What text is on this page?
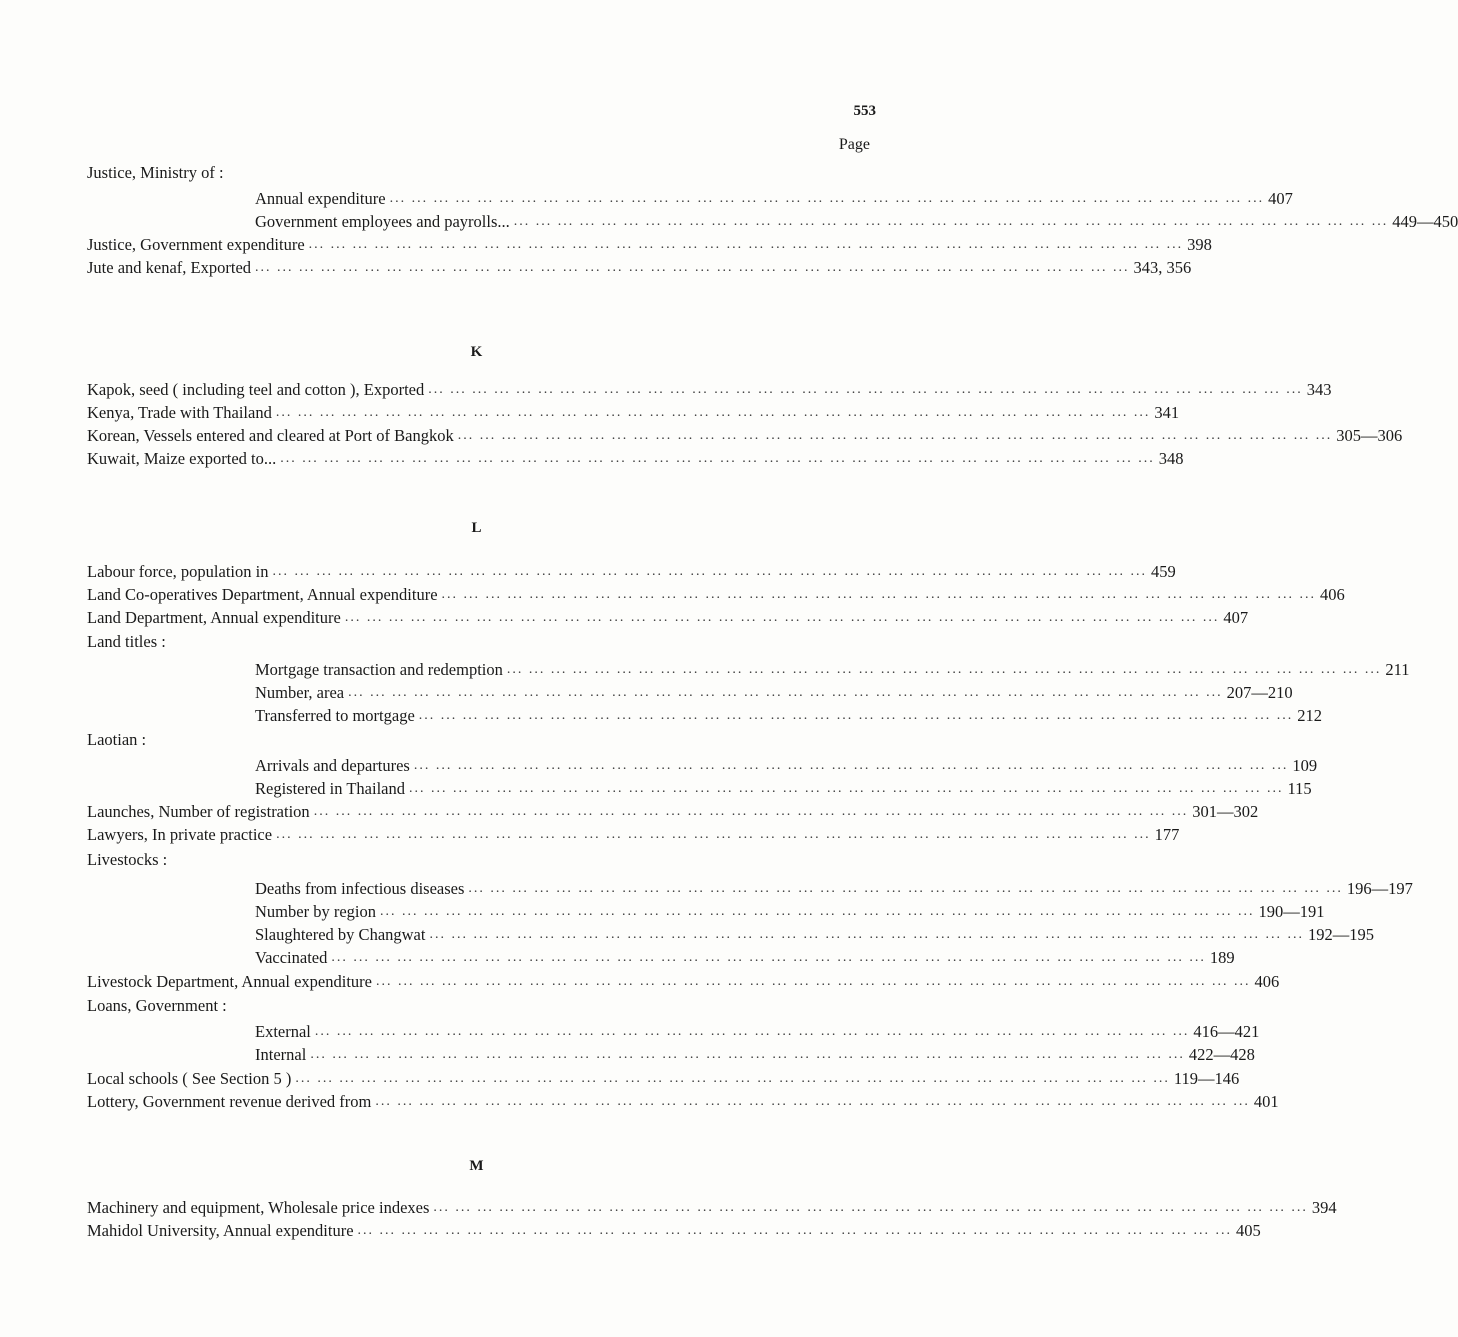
553
Page
Justice, Ministry of :
Annual expenditure ... ... ... ... ... ... ... ... ... ... ... ... ... ... ... ... ... ... ... ... ... ... ... ... ... ... ... ... ... ... ... ... ... ... ... ... ... ... ... ... 407
Government employees and payrolls... ... ... ... ... ... ... ... ... ... ... ... ... ... ... ... ... ... ... ... ... ... ... ... ... ... ... ... ... ... ... ... ... ... ... ... ... ... ... ... ... 449—450
Justice, Government expenditure ... ... ... ... ... ... ... ... ... ... ... ... ... ... ... ... ... ... ... ... ... ... ... ... ... ... ... ... ... ... ... ... ... ... ... ... ... ... ... ... 398
Jute and kenaf, Exported ... ... ... ... ... ... ... ... ... ... ... ... ... ... ... ... ... ... ... ... ... ... ... ... ... ... ... ... ... ... ... ... ... ... ... ... ... ... ... ... 343, 356
K
Kapok, seed ( including teel and cotton ), Exported ... ... ... ... ... ... ... ... ... ... ... ... ... ... ... ... ... ... ... ... ... ... ... ... ... ... ... ... ... ... ... ... ... ... ... ... ... ... ... ... 343
Kenya, Trade with Thailand ... ... ... ... ... ... ... ... ... ... ... ... ... ... ... ... ... ... ... ... ... ... ... ... ... ... ... ... ... ... ... ... ... ... ... ... ... ... ... ... 341
Korean, Vessels entered and cleared at Port of Bangkok ... ... ... ... ... ... ... ... ... ... ... ... ... ... ... ... ... ... ... ... ... ... ... ... ... ... ... ... ... ... ... ... ... ... ... ... ... ... ... ... 305—306
Kuwait, Maize exported to... ... ... ... ... ... ... ... ... ... ... ... ... ... ... ... ... ... ... ... ... ... ... ... ... ... ... ... ... ... ... ... ... ... ... ... ... ... ... ... ... 348
L
Labour force, population in ... ... ... ... ... ... ... ... ... ... ... ... ... ... ... ... ... ... ... ... ... ... ... ... ... ... ... ... ... ... ... ... ... ... ... ... ... ... ... ... 459
Land Co-operatives Department, Annual expenditure ... ... ... ... ... ... ... ... ... ... ... ... ... ... ... ... ... ... ... ... ... ... ... ... ... ... ... ... ... ... ... ... ... ... ... ... ... ... ... ... 406
Land Department, Annual expenditure ... ... ... ... ... ... ... ... ... ... ... ... ... ... ... ... ... ... ... ... ... ... ... ... ... ... ... ... ... ... ... ... ... ... ... ... ... ... ... ... 407
Land titles :
Mortgage transaction and redemption ... ... ... ... ... ... ... ... ... ... ... ... ... ... ... ... ... ... ... ... ... ... ... ... ... ... ... ... ... ... ... ... ... ... ... ... ... ... ... ... 211
Number, area ... ... ... ... ... ... ... ... ... ... ... ... ... ... ... ... ... ... ... ... ... ... ... ... ... ... ... ... ... ... ... ... ... ... ... ... ... ... ... ... 207—210
Transferred to mortgage ... ... ... ... ... ... ... ... ... ... ... ... ... ... ... ... ... ... ... ... ... ... ... ... ... ... ... ... ... ... ... ... ... ... ... ... ... ... ... ... 212
Laotian :
Arrivals and departures ... ... ... ... ... ... ... ... ... ... ... ... ... ... ... ... ... ... ... ... ... ... ... ... ... ... ... ... ... ... ... ... ... ... ... ... ... ... ... ... 109
Registered in Thailand ... ... ... ... ... ... ... ... ... ... ... ... ... ... ... ... ... ... ... ... ... ... ... ... ... ... ... ... ... ... ... ... ... ... ... ... ... ... ... ... 115
Launches, Number of registration ... ... ... ... ... ... ... ... ... ... ... ... ... ... ... ... ... ... ... ... ... ... ... ... ... ... ... ... ... ... ... ... ... ... ... ... ... ... ... ... 301—302
Lawyers, In private practice ... ... ... ... ... ... ... ... ... ... ... ... ... ... ... ... ... ... ... ... ... ... ... ... ... ... ... ... ... ... ... ... ... ... ... ... ... ... ... ... 177
Livestocks :
Deaths from infectious diseases ... ... ... ... ... ... ... ... ... ... ... ... ... ... ... ... ... ... ... ... ... ... ... ... ... ... ... ... ... ... ... ... ... ... ... ... ... ... ... ... 196—197
Number by region ... ... ... ... ... ... ... ... ... ... ... ... ... ... ... ... ... ... ... ... ... ... ... ... ... ... ... ... ... ... ... ... ... ... ... ... ... ... ... ... 190—191
Slaughtered by Changwat ... ... ... ... ... ... ... ... ... ... ... ... ... ... ... ... ... ... ... ... ... ... ... ... ... ... ... ... ... ... ... ... ... ... ... ... ... ... ... ... 192—195
Vaccinated ... ... ... ... ... ... ... ... ... ... ... ... ... ... ... ... ... ... ... ... ... ... ... ... ... ... ... ... ... ... ... ... ... ... ... ... ... ... ... ... 189
Livestock Department, Annual expenditure ... ... ... ... ... ... ... ... ... ... ... ... ... ... ... ... ... ... ... ... ... ... ... ... ... ... ... ... ... ... ... ... ... ... ... ... ... ... ... ... 406
Loans, Government :
External ... ... ... ... ... ... ... ... ... ... ... ... ... ... ... ... ... ... ... ... ... ... ... ... ... ... ... ... ... ... ... ... ... ... ... ... ... ... ... ... 416—421
Internal ... ... ... ... ... ... ... ... ... ... ... ... ... ... ... ... ... ... ... ... ... ... ... ... ... ... ... ... ... ... ... ... ... ... ... ... ... ... ... ... 422—428
Local schools ( See Section 5 ) ... ... ... ... ... ... ... ... ... ... ... ... ... ... ... ... ... ... ... ... ... ... ... ... ... ... ... ... ... ... ... ... ... ... ... ... ... ... ... ... 119—146
Lottery, Government revenue derived from ... ... ... ... ... ... ... ... ... ... ... ... ... ... ... ... ... ... ... ... ... ... ... ... ... ... ... ... ... ... ... ... ... ... ... ... ... ... ... ... 401
M
Machinery and equipment, Wholesale price indexes ... ... ... ... ... ... ... ... ... ... ... ... ... ... ... ... ... ... ... ... ... ... ... ... ... ... ... ... ... ... ... ... ... ... ... ... ... ... ... ... 394
Mahidol University, Annual expenditure ... ... ... ... ... ... ... ... ... ... ... ... ... ... ... ... ... ... ... ... ... ... ... ... ... ... ... ... ... ... ... ... ... ... ... ... ... ... ... ... 405
